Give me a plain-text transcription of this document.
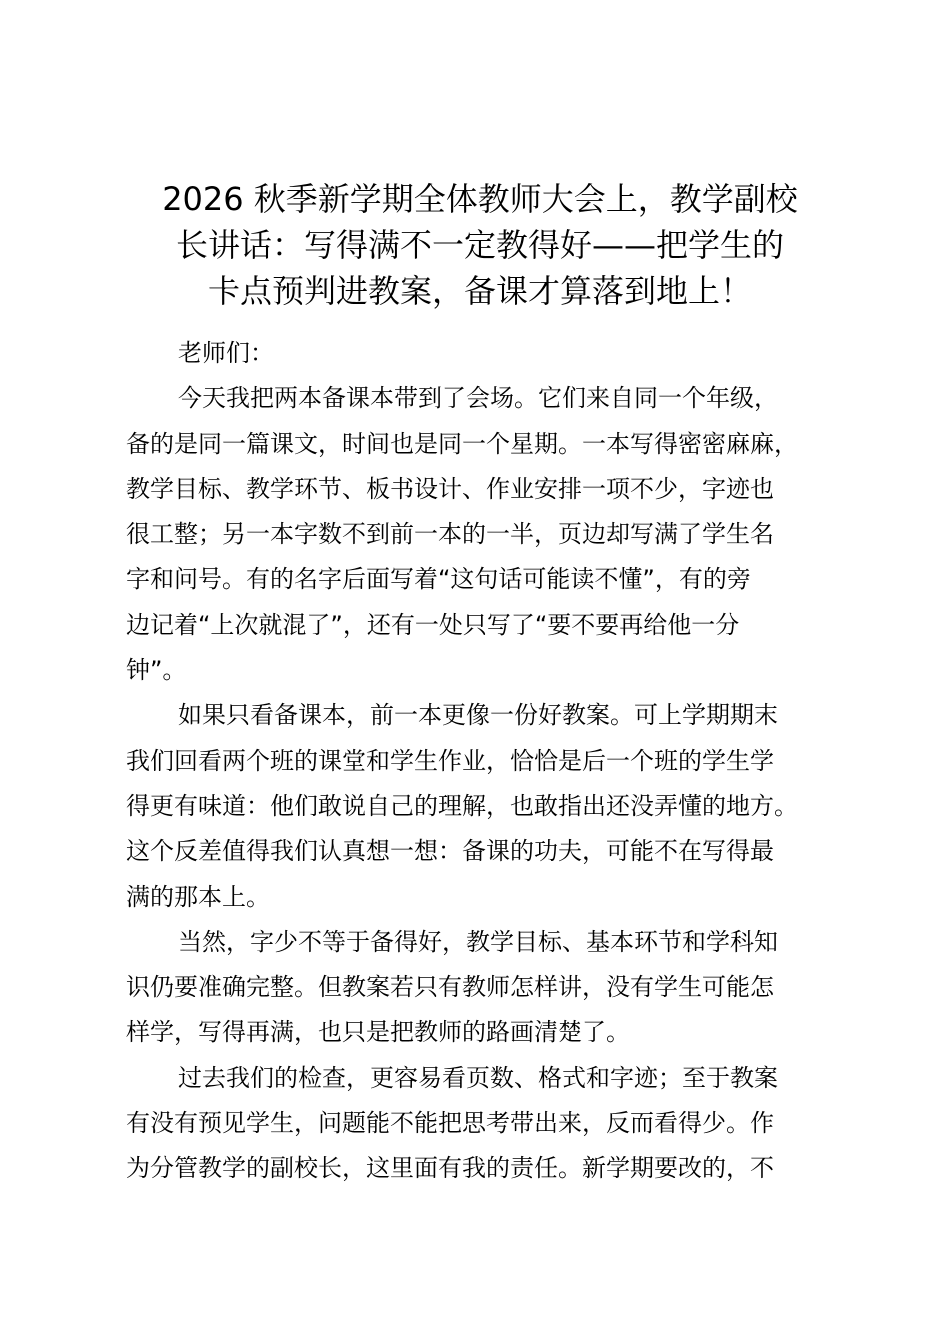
2026 秋季新学期全体教师大会上，教学副校
长讲话：写得满不一定教得好——把学生的
卡点预判进教案，备课才算落到地上！

老师们：

今天我把两本备课本带到了会场。它们来自同一个年级，
备的是同一篇课文，时间也是同一个星期。一本写得密密麻麻，
教学目标、教学环节、板书设计、作业安排一项不少，字迹也
很工整；另一本字数不到前一本的一半，页边却写满了学生名
字和问号。有的名字后面写着“这句话可能读不懂”，有的旁
边记着“上次就混了”，还有一处只写了“要不要再给他一分
钟”。

如果只看备课本，前一本更像一份好教案。可上学期期末
我们回看两个班的课堂和学生作业，恰恰是后一个班的学生学
得更有味道：他们敢说自己的理解，也敢指出还没弄懂的地方。
这个反差值得我们认真想一想：备课的功夫，可能不在写得最
满的那本上。

当然，字少不等于备得好，教学目标、基本环节和学科知
识仍要准确完整。但教案若只有教师怎样讲，没有学生可能怎
样学，写得再满，也只是把教师的路画清楚了。

过去我们的检查，更容易看页数、格式和字迹；至于教案
有没有预见学生，问题能不能把思考带出来，反而看得少。作
为分管教学的副校长，这里面有我的责任。新学期要改的，不
